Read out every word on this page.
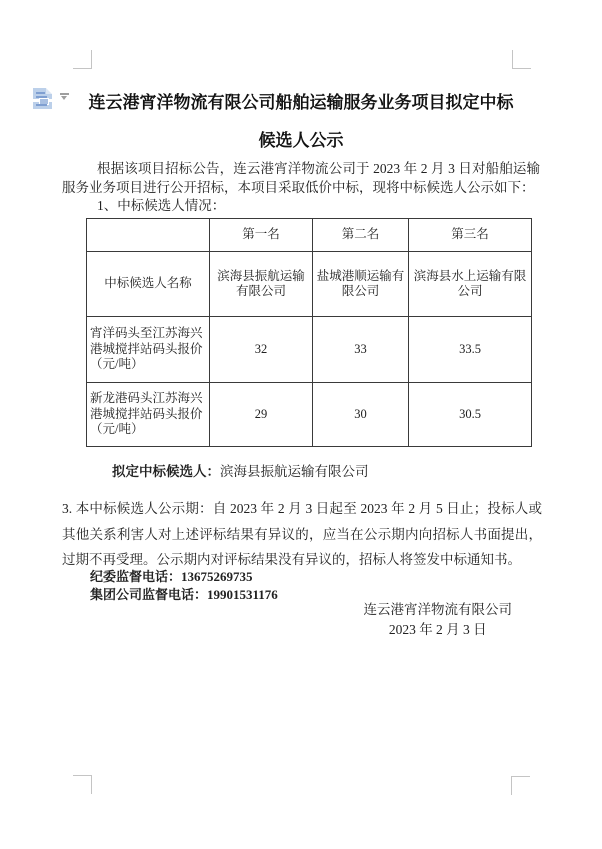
连云港宵洋物流有限公司船舶运输服务业务项目拟定中标
候选人公示
根据该项目招标公告，连云港宵洋物流公司于 2023 年 2 月 3 日对船舶运输服务业务项目进行公开招标，本项目采取低价中标，现将中标候选人公示如下：
1、中标候选人情况：
	第一名	第二名	第三名
中标候选人名称	滨海县振航运输有限公司	盐城港顺运输有限公司	滨海县水上运输有限公司
宵洋码头至江苏海兴港城搅拌站码头报价（元/吨）	32	33	33.5
新龙港码头江苏海兴港城搅拌站码头报价（元/吨）	29	30	30.5
拟定中标候选人：滨海县振航运输有限公司
3. 本中标候选人公示期：自 2023 年 2 月 3 日起至 2023 年 2 月 5 日止；投标人或其他关系利害人对上述评标结果有异议的，应当在公示期内向招标人书面提出，过期不再受理。公示期内对评标结果没有异议的，招标人将签发中标通知书。
纪委监督电话：13675269735
集团公司监督电话：19901531176
连云港宵洋物流有限公司
2023 年 2 月 3 日
